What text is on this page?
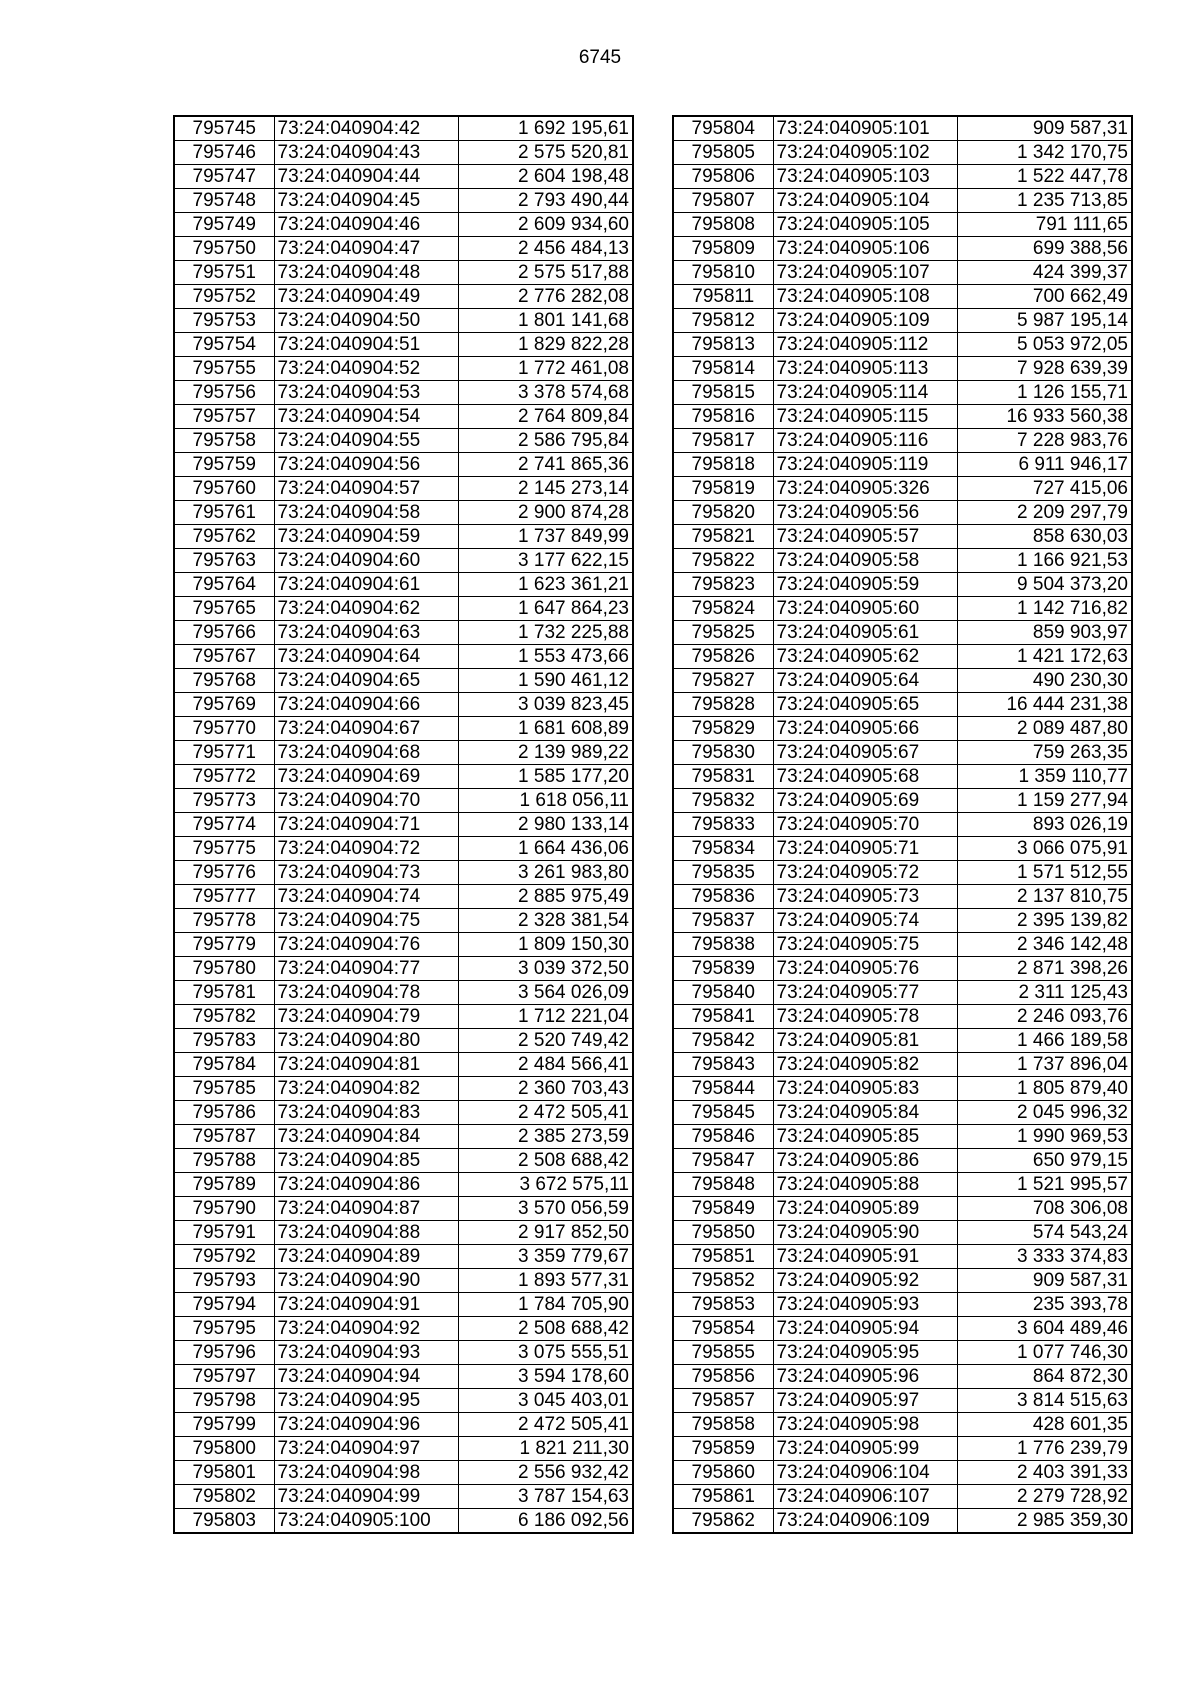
6745
795745	73:24:040904:42	1 692 195,61
795746	73:24:040904:43	2 575 520,81
795747	73:24:040904:44	2 604 198,48
795748	73:24:040904:45	2 793 490,44
795749	73:24:040904:46	2 609 934,60
795750	73:24:040904:47	2 456 484,13
795751	73:24:040904:48	2 575 517,88
795752	73:24:040904:49	2 776 282,08
795753	73:24:040904:50	1 801 141,68
795754	73:24:040904:51	1 829 822,28
795755	73:24:040904:52	1 772 461,08
795756	73:24:040904:53	3 378 574,68
795757	73:24:040904:54	2 764 809,84
795758	73:24:040904:55	2 586 795,84
795759	73:24:040904:56	2 741 865,36
795760	73:24:040904:57	2 145 273,14
795761	73:24:040904:58	2 900 874,28
795762	73:24:040904:59	1 737 849,99
795763	73:24:040904:60	3 177 622,15
795764	73:24:040904:61	1 623 361,21
795765	73:24:040904:62	1 647 864,23
795766	73:24:040904:63	1 732 225,88
795767	73:24:040904:64	1 553 473,66
795768	73:24:040904:65	1 590 461,12
795769	73:24:040904:66	3 039 823,45
795770	73:24:040904:67	1 681 608,89
795771	73:24:040904:68	2 139 989,22
795772	73:24:040904:69	1 585 177,20
795773	73:24:040904:70	1 618 056,11
795774	73:24:040904:71	2 980 133,14
795775	73:24:040904:72	1 664 436,06
795776	73:24:040904:73	3 261 983,80
795777	73:24:040904:74	2 885 975,49
795778	73:24:040904:75	2 328 381,54
795779	73:24:040904:76	1 809 150,30
795780	73:24:040904:77	3 039 372,50
795781	73:24:040904:78	3 564 026,09
795782	73:24:040904:79	1 712 221,04
795783	73:24:040904:80	2 520 749,42
795784	73:24:040904:81	2 484 566,41
795785	73:24:040904:82	2 360 703,43
795786	73:24:040904:83	2 472 505,41
795787	73:24:040904:84	2 385 273,59
795788	73:24:040904:85	2 508 688,42
795789	73:24:040904:86	3 672 575,11
795790	73:24:040904:87	3 570 056,59
795791	73:24:040904:88	2 917 852,50
795792	73:24:040904:89	3 359 779,67
795793	73:24:040904:90	1 893 577,31
795794	73:24:040904:91	1 784 705,90
795795	73:24:040904:92	2 508 688,42
795796	73:24:040904:93	3 075 555,51
795797	73:24:040904:94	3 594 178,60
795798	73:24:040904:95	3 045 403,01
795799	73:24:040904:96	2 472 505,41
795800	73:24:040904:97	1 821 211,30
795801	73:24:040904:98	2 556 932,42
795802	73:24:040904:99	3 787 154,63
795803	73:24:040905:100	6 186 092,56
795804	73:24:040905:101	909 587,31
795805	73:24:040905:102	1 342 170,75
795806	73:24:040905:103	1 522 447,78
795807	73:24:040905:104	1 235 713,85
795808	73:24:040905:105	791 111,65
795809	73:24:040905:106	699 388,56
795810	73:24:040905:107	424 399,37
795811	73:24:040905:108	700 662,49
795812	73:24:040905:109	5 987 195,14
795813	73:24:040905:112	5 053 972,05
795814	73:24:040905:113	7 928 639,39
795815	73:24:040905:114	1 126 155,71
795816	73:24:040905:115	16 933 560,38
795817	73:24:040905:116	7 228 983,76
795818	73:24:040905:119	6 911 946,17
795819	73:24:040905:326	727 415,06
795820	73:24:040905:56	2 209 297,79
795821	73:24:040905:57	858 630,03
795822	73:24:040905:58	1 166 921,53
795823	73:24:040905:59	9 504 373,20
795824	73:24:040905:60	1 142 716,82
795825	73:24:040905:61	859 903,97
795826	73:24:040905:62	1 421 172,63
795827	73:24:040905:64	490 230,30
795828	73:24:040905:65	16 444 231,38
795829	73:24:040905:66	2 089 487,80
795830	73:24:040905:67	759 263,35
795831	73:24:040905:68	1 359 110,77
795832	73:24:040905:69	1 159 277,94
795833	73:24:040905:70	893 026,19
795834	73:24:040905:71	3 066 075,91
795835	73:24:040905:72	1 571 512,55
795836	73:24:040905:73	2 137 810,75
795837	73:24:040905:74	2 395 139,82
795838	73:24:040905:75	2 346 142,48
795839	73:24:040905:76	2 871 398,26
795840	73:24:040905:77	2 311 125,43
795841	73:24:040905:78	2 246 093,76
795842	73:24:040905:81	1 466 189,58
795843	73:24:040905:82	1 737 896,04
795844	73:24:040905:83	1 805 879,40
795845	73:24:040905:84	2 045 996,32
795846	73:24:040905:85	1 990 969,53
795847	73:24:040905:86	650 979,15
795848	73:24:040905:88	1 521 995,57
795849	73:24:040905:89	708 306,08
795850	73:24:040905:90	574 543,24
795851	73:24:040905:91	3 333 374,83
795852	73:24:040905:92	909 587,31
795853	73:24:040905:93	235 393,78
795854	73:24:040905:94	3 604 489,46
795855	73:24:040905:95	1 077 746,30
795856	73:24:040905:96	864 872,30
795857	73:24:040905:97	3 814 515,63
795858	73:24:040905:98	428 601,35
795859	73:24:040905:99	1 776 239,79
795860	73:24:040906:104	2 403 391,33
795861	73:24:040906:107	2 279 728,92
795862	73:24:040906:109	2 985 359,30
